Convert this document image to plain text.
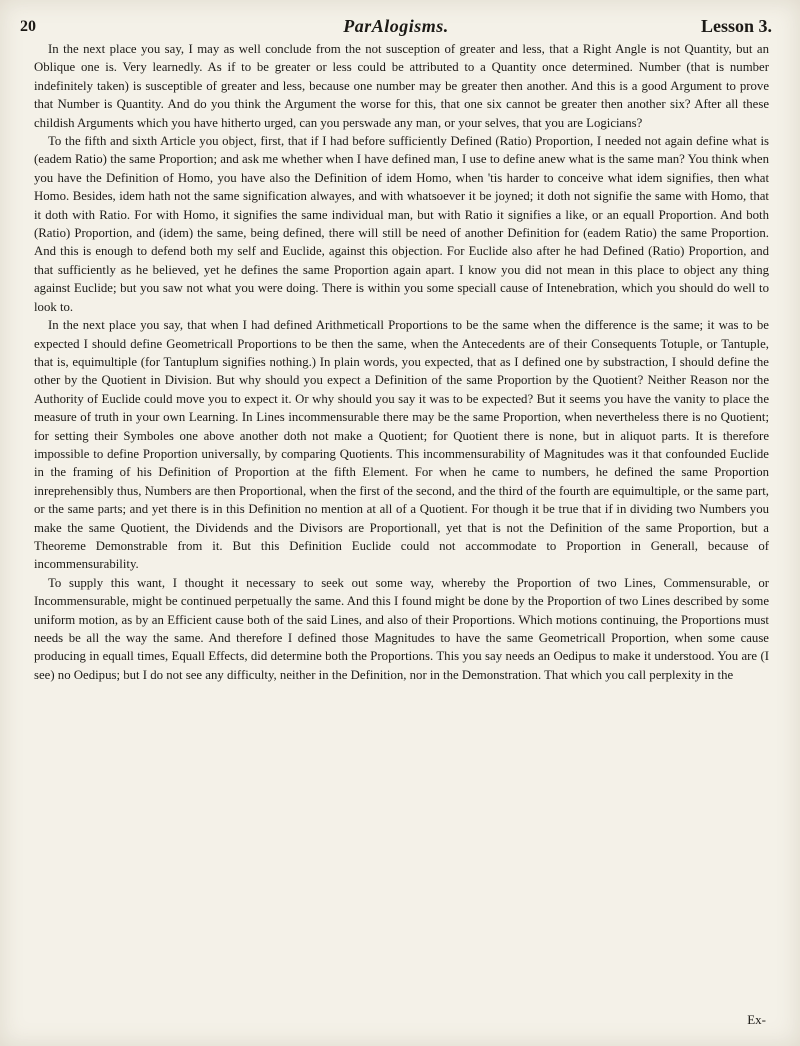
20	ParAlogisms.	Lesson 3.

In the next place you say, I may as well conclude from the not susception of greater and less, that a Right Angle is not Quantity, but an Oblique one is. Very learnedly. As if to be greater or less could be attributed to a Quantity once determined. Number (that is number indefinitely taken) is susceptible of greater and less, because one number may be greater then another. And this is a good Argument to prove that Number is Quantity. And do you think the Argument the worse for this, that one six cannot be greater then another six? After all these childish Arguments which you have hitherto urged, can you perswade any man, or your selves, that you are Logicians?

To the fifth and sixth Article you object, first, that if I had before sufficiently Defined (Ratio) Proportion, I needed not again define what is (eadem Ratio) the same Proportion; and ask me whether when I have defined man, I use to define anew what is the same man? You think when you have the Definition of Homo, you have also the Definition of idem Homo, when 'tis harder to conceive what idem signifies, then what Homo. Besides, idem hath not the same signification alwayes, and with whatsoever it be joyned; it doth not signifie the same with Homo, that it doth with Ratio. For with Homo, it signifies the same individual man, but with Ratio it signifies a like, or an equall Proportion. And both (Ratio) Proportion, and (idem) the same, being defined, there will still be need of another Definition for (eadem Ratio) the same Proportion. And this is enough to defend both my self and Euclide, against this objection. For Euclide also after he had Defined (Ratio) Proportion, and that sufficiently as he believed, yet he defines the same Proportion again apart. I know you did not mean in this place to object any thing against Euclide; but you saw not what you were doing. There is within you some speciall cause of Intenebration, which you should do well to look to.

In the next place you say, that when I had defined Arithmeticall Proportions to be the same when the difference is the same; it was to be expected I should define Geometricall Proportions to be then the same, when the Antecedents are of their Consequents Totuple, or Tantuple, that is, equimultiple (for Tantuplum signifies nothing.) In plain words, you expected, that as I defined one by substraction, I should define the other by the Quotient in Division. But why should you expect a Definition of the same Proportion by the Quotient? Neither Reason nor the Authority of Euclide could move you to expect it. Or why should you say it was to be expected? But it seems you have the vanity to place the measure of truth in your own Learning. In Lines incommensurable there may be the same Proportion, when nevertheless there is no Quotient; for setting their Symboles one above another doth not make a Quotient; for Quotient there is none, but in aliquot parts. It is therefore impossible to define Proportion universally, by comparing Quotients. This incommensurability of Magnitudes was it that confounded Euclide in the framing of his Definition of Proportion at the fifth Element. For when he came to numbers, he defined the same Proportion inreprehensibly thus, Numbers are then Proportional, when the first of the second, and the third of the fourth are equimultiple, or the same part, or the same parts; and yet there is in this Definition no mention at all of a Quotient. For though it be true that if in dividing two Numbers you make the same Quotient, the Dividends and the Divisors are Proportionall, yet that is not the Definition of the same Proportion, but a Theoreme Demonstrable from it. But this Definition Euclide could not accommodate to Proportion in Generall, because of incommensurability.

To supply this want, I thought it necessary to seek out some way, whereby the Proportion of two Lines, Commensurable, or Incommensurable, might be continued perpetually the same. And this I found might be done by the Proportion of two Lines described by some uniform motion, as by an Efficient cause both of the said Lines, and also of their Proportions. Which motions continuing, the Proportions must needs be all the way the same. And therefore I defined those Magnitudes to have the same Geometricall Proportion, when some cause producing in equall times, Equall Effects, did determine both the Proportions. This you say needs an Oedipus to make it understood. You are (I see) no Oedipus; but I do not see any difficulty, neither in the Definition, nor in the Demonstration. That which you call perplexity in the

Ex-
